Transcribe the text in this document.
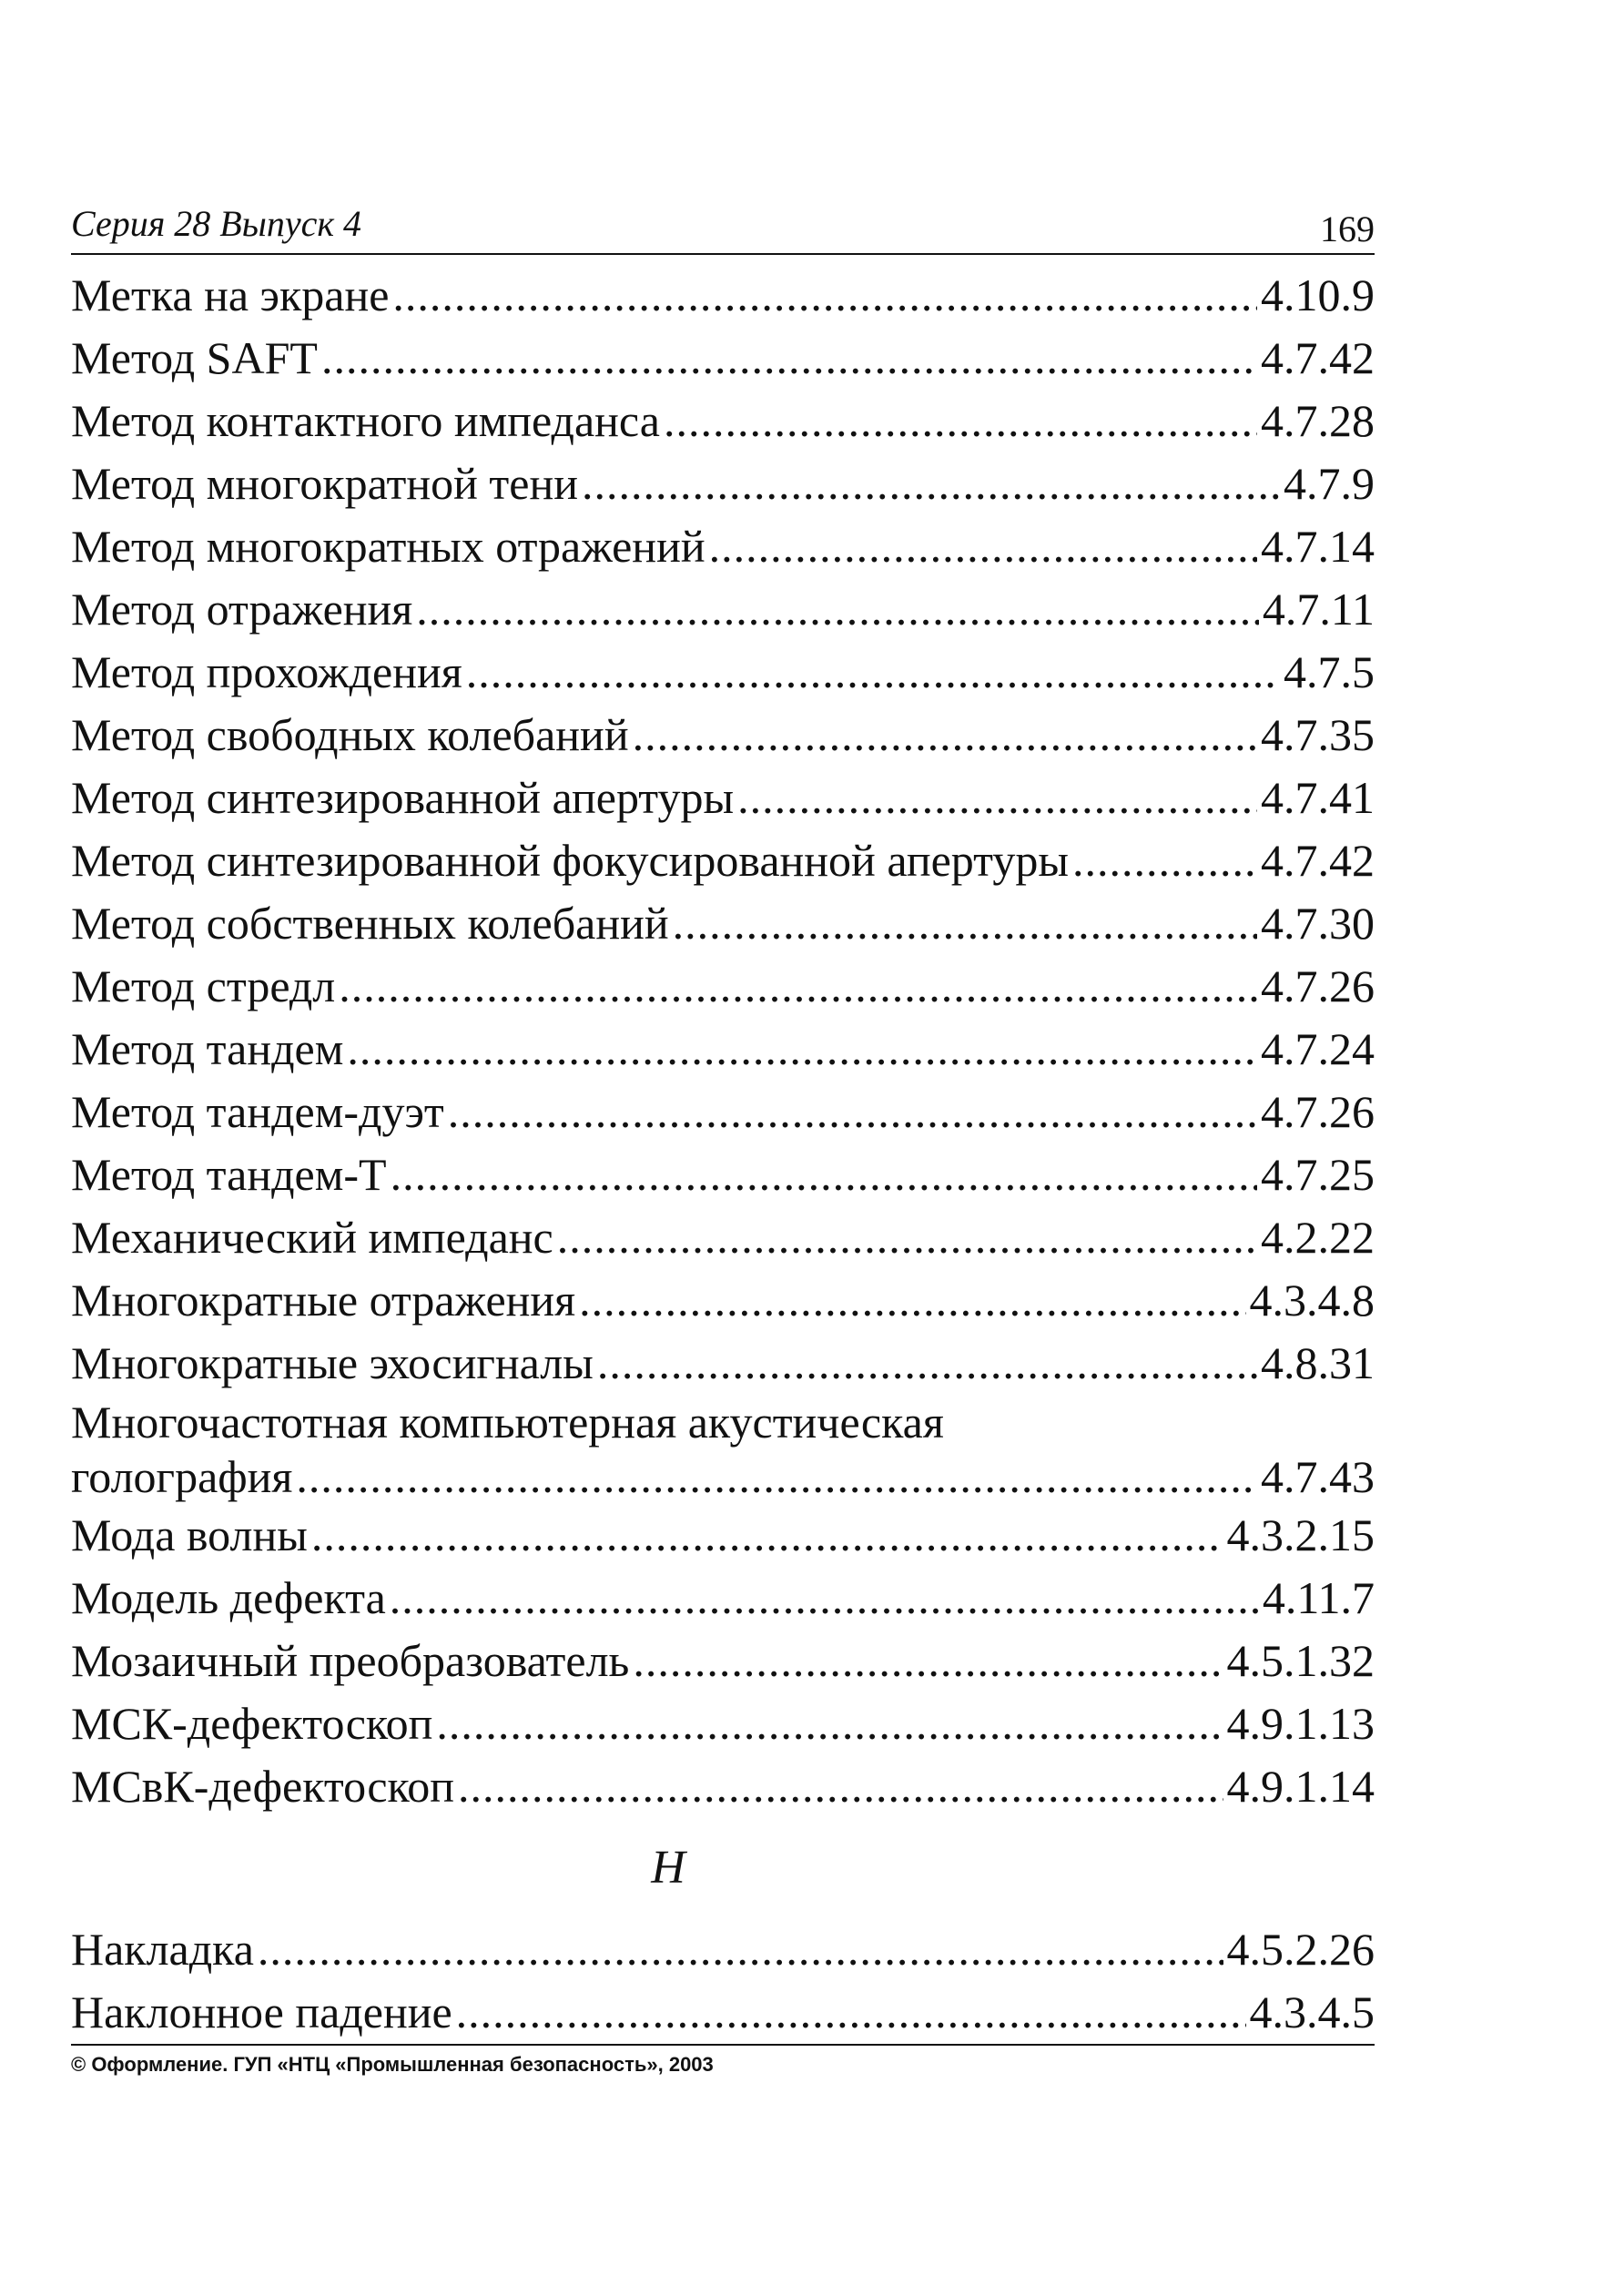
Серия 28 Выпуск 4	169
Метка на экране .....	4.10.9
Метод SAFT .....	4.7.42
Метод контактного импеданса .....	4.7.28
Метод многократной тени .....	4.7.9
Метод многократных отражений .....	4.7.14
Метод отражения .....	4.7.11
Метод прохождения .....	4.7.5
Метод свободных колебаний .....	4.7.35
Метод синтезированной апертуры .....	4.7.41
Метод синтезированной фокусированной апертуры .....	4.7.42
Метод собственных колебаний .....	4.7.30
Метод стредл .....	4.7.26
Метод тандем .....	4.7.24
Метод тандем-дуэт .....	4.7.26
Метод тандем-Т .....	4.7.25
Механический импеданс .....	4.2.22
Многократные отражения .....	4.3.4.8
Многократные эхосигналы .....	4.8.31
Многочастотная компьютерная акустическая
голография .....	4.7.43
Мода волны .....	4.3.2.15
Модель дефекта .....	4.11.7
Мозаичный преобразователь .....	4.5.1.32
МСК-дефектоскоп .....	4.9.1.13
МСвК-дефектоскоп .....	4.9.1.14
Н
Накладка .....	4.5.2.26
Наклонное падение .....	4.3.4.5
© Оформление. ГУП «НТЦ «Промышленная безопасность», 2003
